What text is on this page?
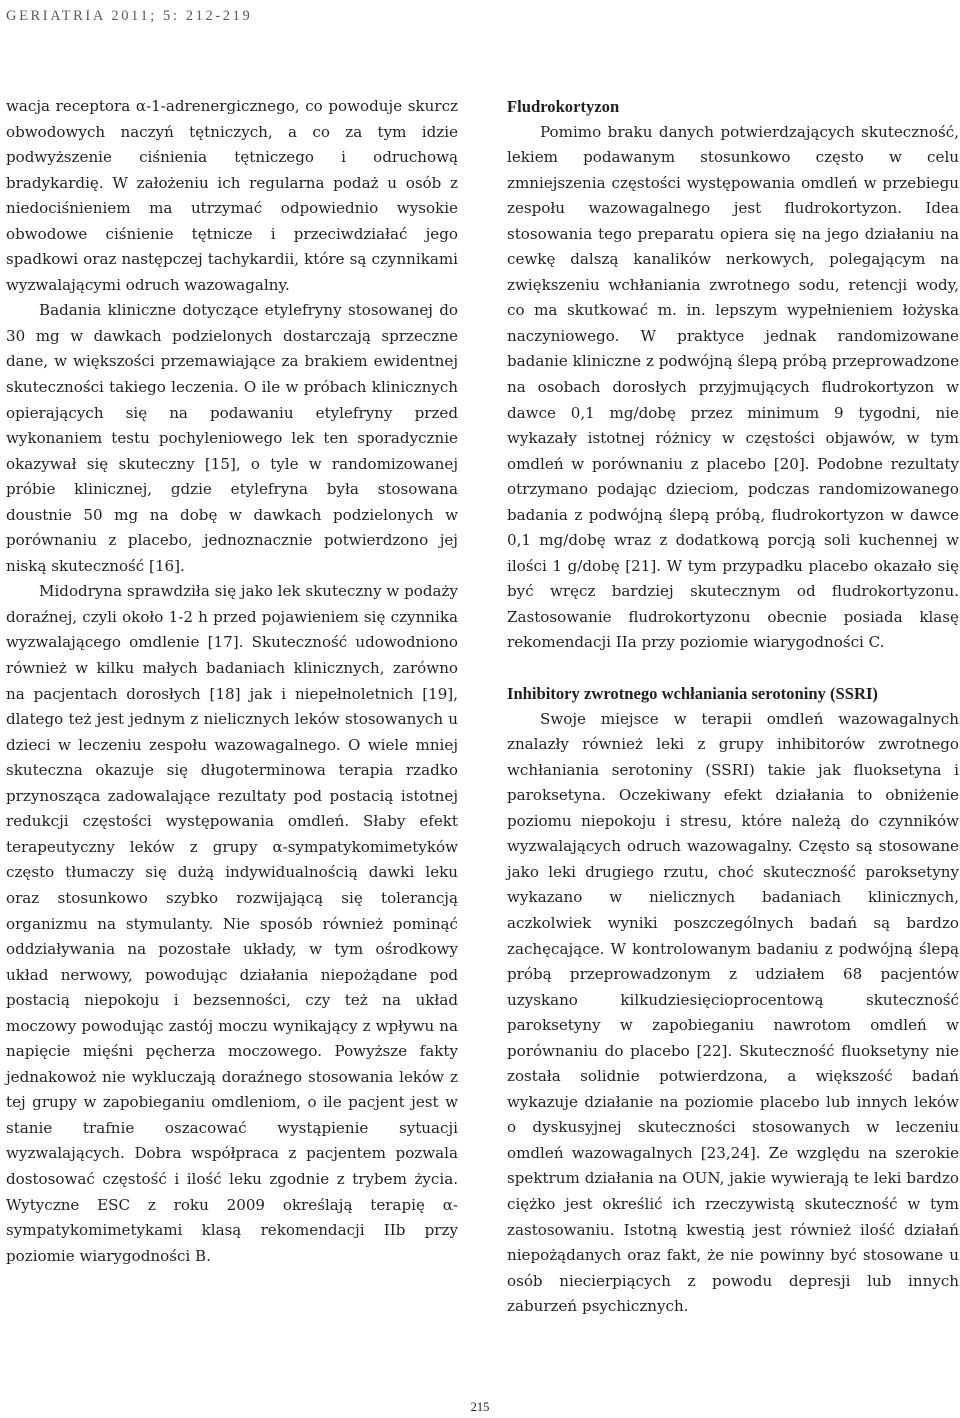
GERIATRIA 2011; 5: 212-219

wacja receptora α-1-adrenergicznego, co powoduje skurcz obwodowych naczyń tętniczych, a co za tym idzie podwyższenie ciśnienia tętniczego i odruchową bradykardię. W założeniu ich regularna podaż u osób z niedociśnieniem ma utrzymać odpowiednio wysokie obwodowe ciśnienie tętnicze i przeciwdziałać jego spadkowi oraz następczej tachykardii, które są czynnikami wyzwalającymi odruch wazowagalny.

Badania kliniczne dotyczące etylefryny stosowanej do 30 mg w dawkach podzielonych dostarczają sprzeczne dane, w większości przemawiające za brakiem ewidentnej skuteczności takiego leczenia. O ile w próbach klinicznych opierających się na podawaniu etylefryny przed wykonaniem testu pochyleniowego lek ten sporadycznie okazywał się skuteczny [15], o tyle w randomizowanej próbie klinicznej, gdzie etylefryna była stosowana doustnie 50 mg na dobę w dawkach podzielonych w porównaniu z placebo, jednoznacznie potwierdzono jej niską skuteczność [16].

Midodryna sprawdziła się jako lek skuteczny w podaży doraźnej, czyli około 1-2 h przed pojawieniem się czynnika wyzwalającego omdlenie [17]. Skuteczność udowodniono również w kilku małych badaniach klinicznych, zarówno na pacjentach dorosłych [18] jak i niepełnoletnich [19], dlatego też jest jednym z nielicznych leków stosowanych u dzieci w leczeniu zespołu wazowagalnego. O wiele mniej skuteczna okazuje się długoterminowa terapia rzadko przynosząca zadowalające rezultaty pod postacią istotnej redukcji częstości występowania omdleń. Słaby efekt terapeutyczny leków z grupy α-sympatykomimetyków często tłumaczy się dużą indywidualnością dawki leku oraz stosunkowo szybko rozwijającą się tolerancją organizmu na stymulanty. Nie sposób również pominąć oddziaływania na pozostałe układy, w tym ośrodkowy układ nerwowy, powodując działania niepożądane pod postacią niepokoju i bezsenności, czy też na układ moczowy powodując zastój moczu wynikający z wpływu na napięcie mięśni pęcherza moczowego. Powyższe fakty jednakowoż nie wykluczają doraźnego stosowania leków z tej grupy w zapobieganiu omdleniom, o ile pacjent jest w stanie trafnie oszacować wystąpienie sytuacji wyzwalających. Dobra współpraca z pacjentem pozwala dostosować częstość i ilość leku zgodnie z trybem życia. Wytyczne ESC z roku 2009 określają terapię α-sympatykomimetykami klasą rekomendacji IIb przy poziomie wiarygodności B.

Fludrokortyzon

Pomimo braku danych potwierdzających skuteczność, lekiem podawanym stosunkowo często w celu zmniejszenia częstości występowania omdleń w przebiegu zespołu wazowagalnego jest fludrokortyzon. Idea stosowania tego preparatu opiera się na jego działaniu na cewkę dalszą kanalików nerkowych, polegającym na zwiększeniu wchłaniania zwrotnego sodu, retencji wody, co ma skutkować m. in. lepszym wypełnieniem łożyska naczyniowego. W praktyce jednak randomizowane badanie kliniczne z podwójną ślepą próbą przeprowadzone na osobach dorosłych przyjmujących fludrokortyzon w dawce 0,1 mg/dobę przez minimum 9 tygodni, nie wykazały istotnej różnicy w częstości objawów, w tym omdleń w porównaniu z placebo [20]. Podobne rezultaty otrzymano podając dzieciom, podczas randomizowanego badania z podwójną ślepą próbą, fludrokortyzon w dawce 0,1 mg/dobę wraz z dodatkową porcją soli kuchennej w ilości 1 g/dobę [21]. W tym przypadku placebo okazało się być wręcz bardziej skutecznym od fludrokortyzonu. Zastosowanie fludrokortyzonu obecnie posiada klasę rekomendacji IIa przy poziomie wiarygodności C.

Inhibitory zwrotnego wchłaniania serotoniny (SSRI)

Swoje miejsce w terapii omdleń wazowagalnych znalazły również leki z grupy inhibitorów zwrotnego wchłaniania serotoniny (SSRI) takie jak fluoksetyna i paroksetyna. Oczekiwany efekt działania to obniżenie poziomu niepokoju i stresu, które należą do czynników wyzwalających odruch wazowagalny. Często są stosowane jako leki drugiego rzutu, choć skuteczność paroksetyny wykazano w nielicznych badaniach klinicznych, aczkolwiek wyniki poszczególnych badań są bardzo zachęcające. W kontrolowanym badaniu z podwójną ślepą próbą przeprowadzonym z udziałem 68 pacjentów uzyskano kilkudziesięcioprocentową skuteczność paroksetyny w zapobieganiu nawrotom omdleń w porównaniu do placebo [22]. Skuteczność fluoksetyny nie została solidnie potwierdzona, a większość badań wykazuje działanie na poziomie placebo lub innych leków o dyskusyjnej skuteczności stosowanych w leczeniu omdleń wazowagalnych [23,24]. Ze względu na szerokie spektrum działania na OUN, jakie wywierają te leki bardzo ciężko jest określić ich rzeczywistą skuteczność w tym zastosowaniu. Istotną kwestią jest również ilość działań niepożądanych oraz fakt, że nie powinny być stosowane u osób niecierpiących z powodu depresji lub innych zaburzeń psychicznych.

215
